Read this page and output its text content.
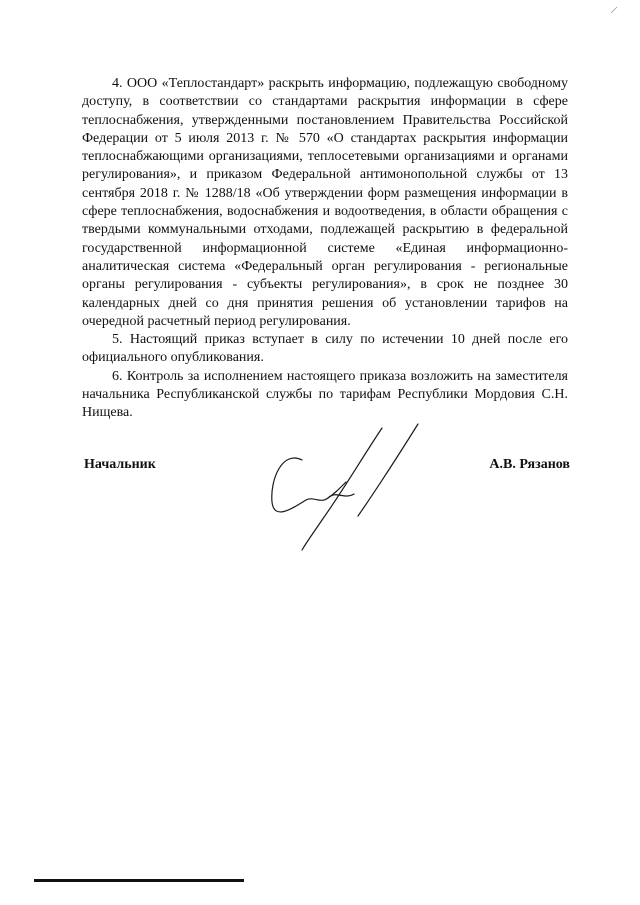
4. ООО «Теплостандарт» раскрыть информацию, подлежащую свободному доступу, в соответствии со стандартами раскрытия информации в сфере теплоснабжения, утвержденными постановлением Правительства Российской Федерации от 5 июля 2013 г. № 570 «О стандартах раскрытия информации теплоснабжающими организациями, теплосетевыми организациями и органами регулирования», и приказом Федеральной антимонопольной службы от 13 сентября 2018 г. № 1288/18 «Об утверждении форм размещения информации в сфере теплоснабжения, водоснабжения и водоотведения, в области обращения с твердыми коммунальными отходами, подлежащей раскрытию в федеральной государственной информационной системе «Единая информационно-аналитическая система «Федеральный орган регулирования - региональные органы регулирования - субъекты регулирования», в срок не позднее 30 календарных дней со дня принятия решения об установлении тарифов на очередной расчетный период регулирования.

5. Настоящий приказ вступает в силу по истечении 10 дней после его официального опубликования.

6. Контроль за исполнением настоящего приказа возложить на заместителя начальника Республиканской службы по тарифам Республики Мордовия С.Н. Нищева.

Начальник	А.В. Рязанов
